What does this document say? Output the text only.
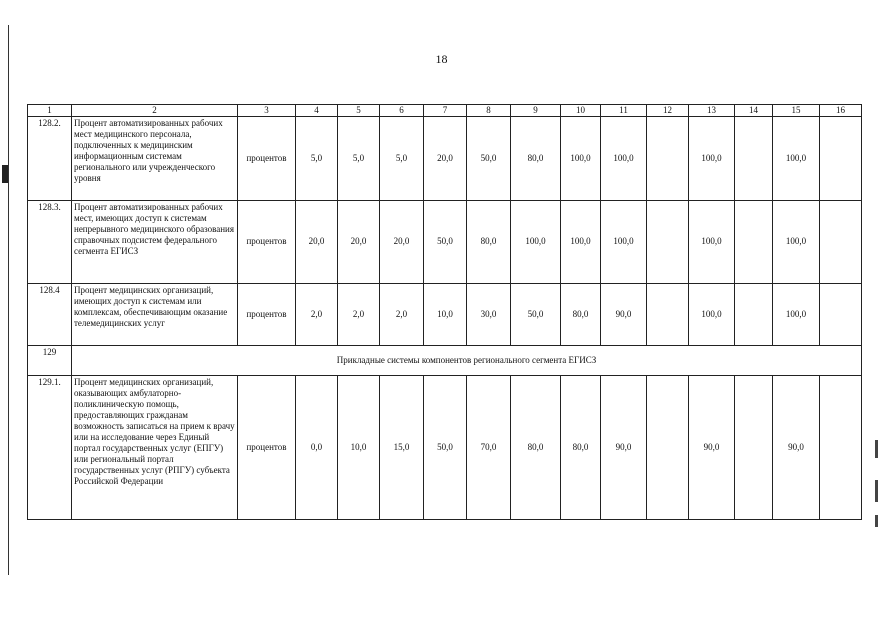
18
1	2	3	4	5	6	7	8	9	10	11	12	13	14	15	16
128.2.	Процент автоматизированных рабочих мест медицинского персонала, подключенных к медицинским информационным системам регионального или учрежденческого уровня	процентов	5,0	5,0	5,0	20,0	50,0	80,0	100,0	100,0		100,0		100,0	
128.3.	Процент автоматизированных рабочих мест, имеющих доступ к системам непрерывного медицинского образования справочных подсистем федерального сегмента ЕГИСЗ	процентов	20,0	20,0	20,0	50,0	80,0	100,0	100,0	100,0		100,0		100,0	
128.4	Процент медицинских организаций, имеющих доступ к системам или комплексам, обеспечивающим оказание телемедицинских услуг	процентов	2,0	2,0	2,0	10,0	30,0	50,0	80,0	90,0		100,0		100,0	
129	Прикладные системы компонентов регионального сегмента ЕГИСЗ														
129.1.	Процент медицинских организаций, оказывающих амбулаторно-поликлиническую помощь, предоставляющих гражданам возможность записаться на прием к врачу или на исследование через Единый портал государственных услуг (ЕПГУ) или региональный портал государственных услуг (РПГУ) субъекта Российской Федерации	процентов	0,0	10,0	15,0	50,0	70,0	80,0	80,0	90,0		90,0		90,0	
